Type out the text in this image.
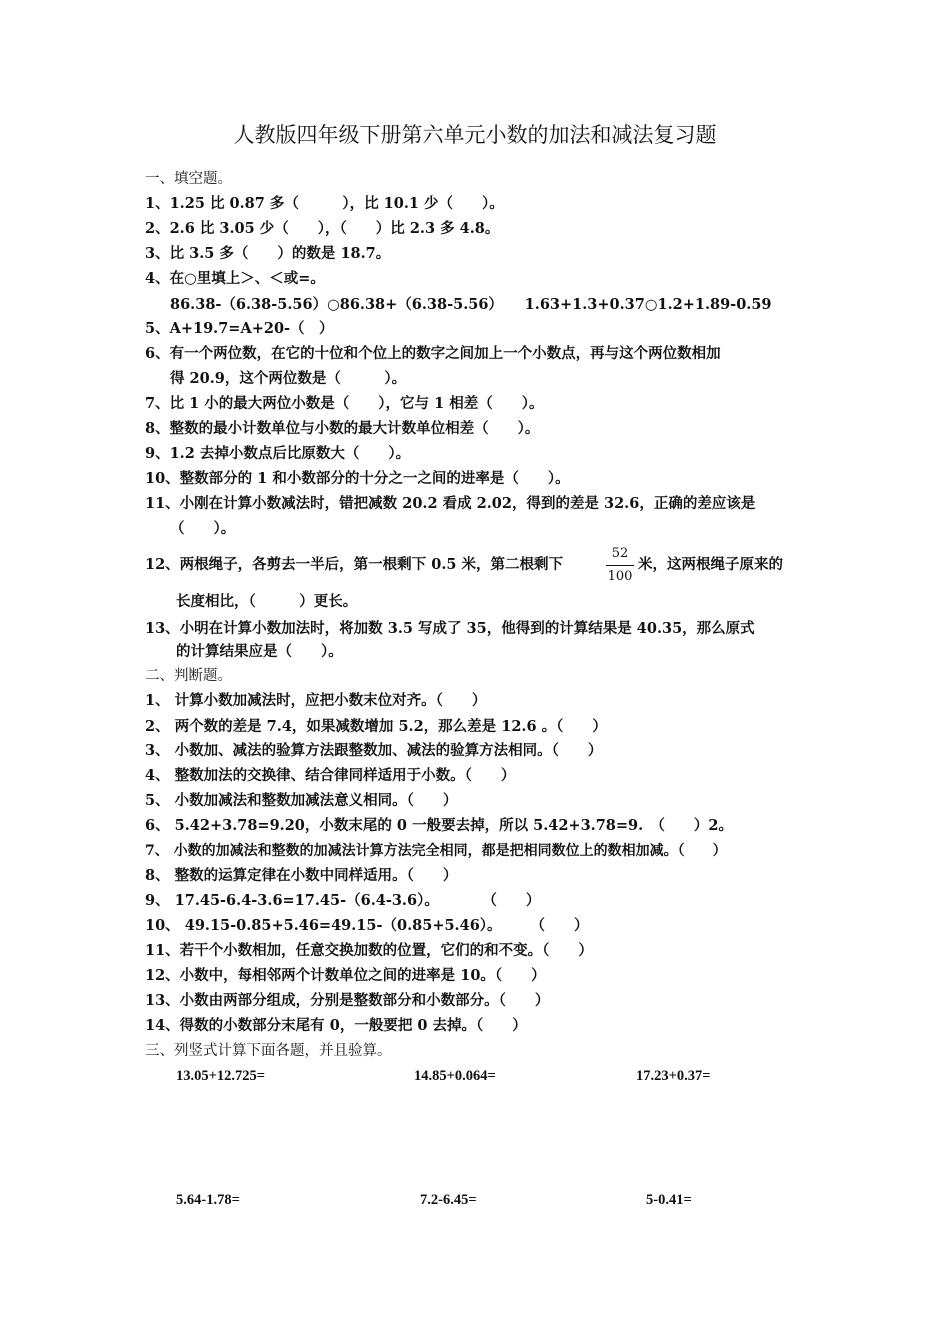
人教版四年级下册第六单元小数的加法和减法复习题
一、填空题。
1、1.25 比 0.87 多（　　　），比 10.1 少（　　）。
2、2.6 比 3.05 少（　　），（　　）比 2.3 多 4.8。
3、比 3.5 多（　　）的数是 18.7。
4、在○里填上＞、＜或=。
86.38-（6.38-5.56）○86.38+（6.38-5.56）　　1.63+1.3+0.37○1.2+1.89-0.59
5、A+19.7=A+20-（　）
6、有一个两位数，在它的十位和个位上的数字之间加上一个小数点，再与这个两位数相加
得 20.9，这个两位数是（　　　）。
7、比 1 小的最大两位小数是（　　），它与 1 相差（　　）。
8、整数的最小计数单位与小数的最大计数单位相差（　　）。
9、1.2 去掉小数点后比原数大（　　）。
10、整数部分的 1 和小数部分的十分之一之间的进率是（　　）。
11、小刚在计算小数减法时，错把减数 20.2 看成 2.02，得到的差是 32.6，正确的差应该是
（　　）。
12、两根绳子，各剪去一半后，第一根剩下 0.5 米，第二根剩下
52
100
米，这两根绳子原来的
长度相比，（　　　）更长。
13、小明在计算小数加法时，将加数 3.5 写成了 35，他得到的计算结果是 40.35，那么原式
的计算结果应是（　　）。
二、判断题。
1、 计算小数加减法时，应把小数末位对齐。（　　）
2、 两个数的差是 7.4，如果减数增加 5.2，那么差是 12.6 。（　　）
3、 小数加、减法的验算方法跟整数加、减法的验算方法相同。（　　）
4、 整数加法的交换律、结合律同样适用于小数。（　　）
5、 小数加减法和整数加减法意义相同。（　　）
6、 5.42+3.78=9.20，小数末尾的 0 一般要去掉，所以 5.42+3.78=9.　（　　）2。
7、 小数的加减法和整数的加减法计算方法完全相同，都是把相同数位上的数相加减。（　　）
8、 整数的运算定律在小数中同样适用。（　　）
9、 17.45-6.4-3.6=17.45-（6.4-3.6）。　　　　（　　）
10、 49.15-0.85+5.46=49.15-（0.85+5.46）。　　　（　　）
11、若干个小数相加，任意交换加数的位置，它们的和不变。（　　）
12、小数中，每相邻两个计数单位之间的进率是 10。（　　）
13、小数由两部分组成，分别是整数部分和小数部分。（　　）
14、得数的小数部分末尾有 0，一般要把 0 去掉。（　　）
三、列竖式计算下面各题，并且验算。
13.05+12.725=	14.85+0.064=	17.23+0.37=
5.64-1.78=	7.2-6.45=	5-0.41=
